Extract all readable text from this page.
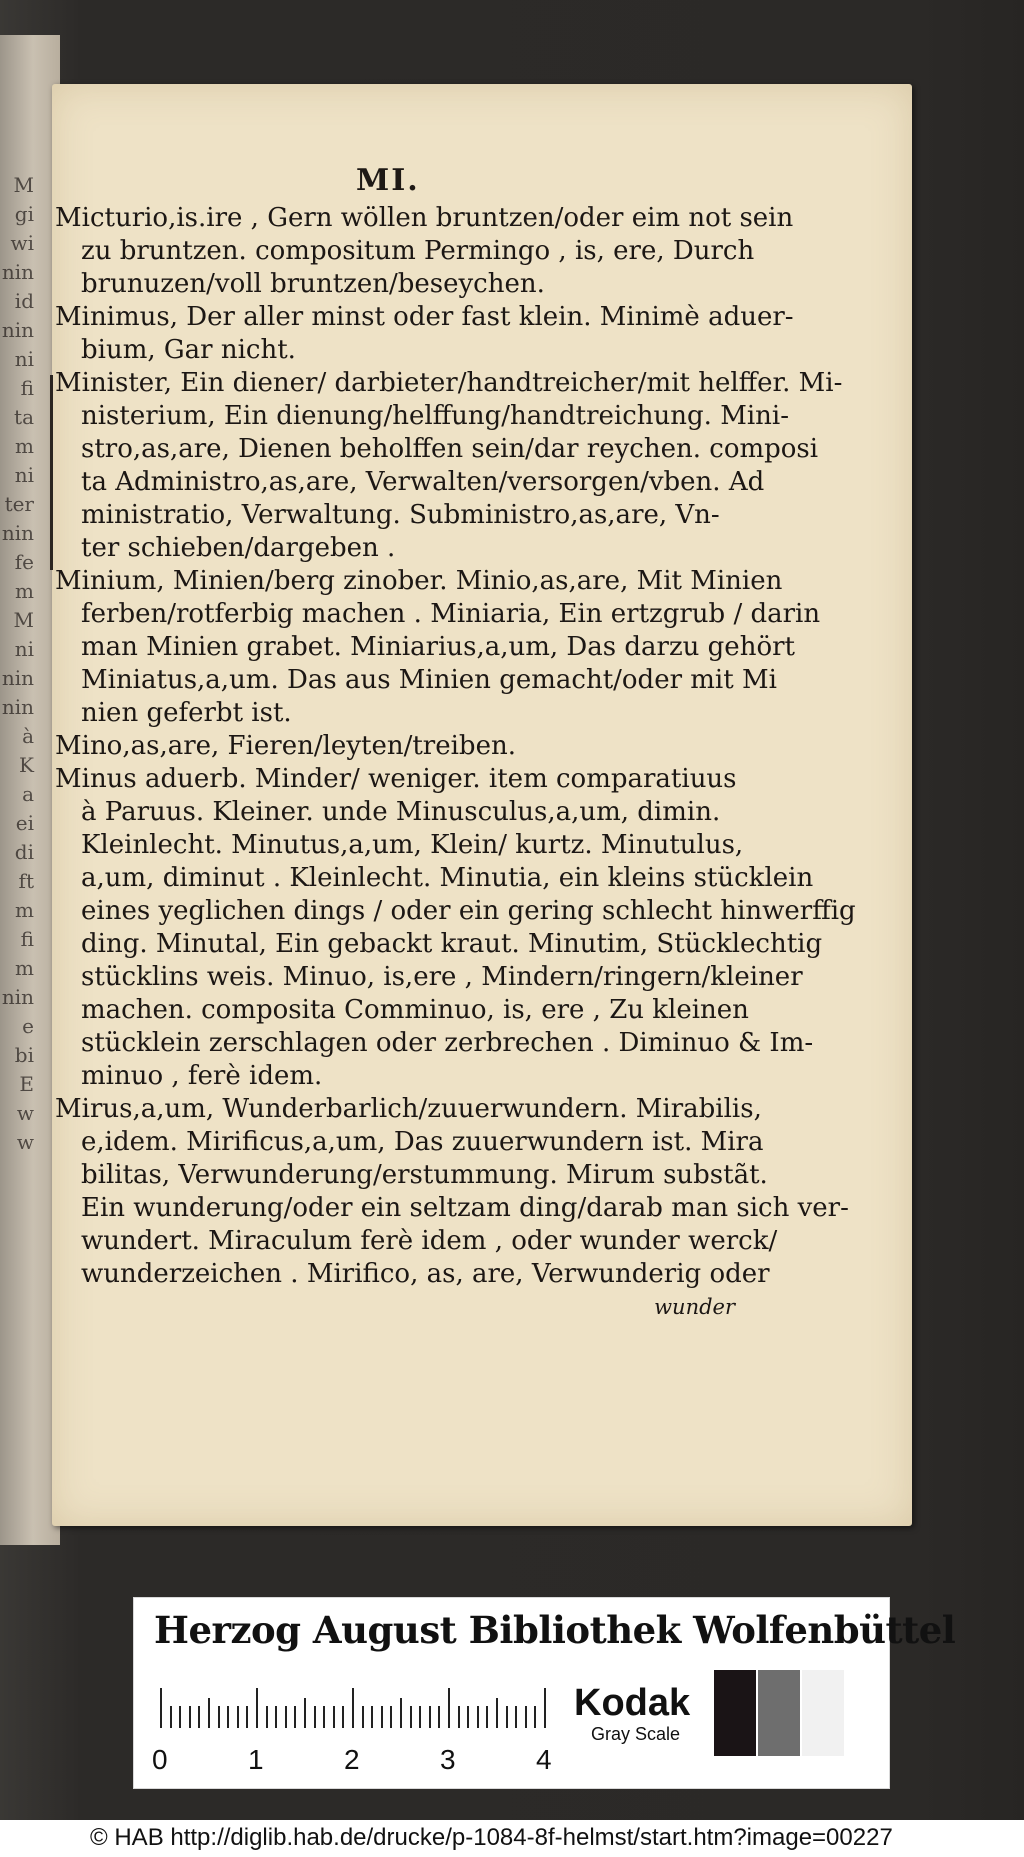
M
gi
wi
nin
id
nin
ni
fi
ta
m
ni
ter
nin
fe
m
M
ni
nin
nin
à
K
a
ei
di
ft
m
fi
m
nin
e
bi
E
w
w
MI.
Micturio,is.ire , Gern wöllen bruntzen/oder eim not sein
zu bruntzen. compositum Permingo , is, ere, Durch
brunuzen/voll bruntzen/beseychen.
Minimus, Der aller minst oder fast klein. Minimè aduer-
bium, Gar nicht.
Minister, Ein diener/ darbieter/handtreicher/mit helffer. Mi-
nisterium, Ein dienung/helffung/handtreichung. Mini-
stro,as,are, Dienen beholffen sein/dar reychen. composi
ta Administro,as,are, Verwalten/versorgen/vben. Ad
ministratio, Verwaltung. Subministro,as,are, Vn-
ter schieben/dargeben .
Minium, Minien/berg zinober. Minio,as,are, Mit Minien
ferben/rotferbig machen . Miniaria, Ein ertzgrub / darin
man Minien grabet. Miniarius,a,um, Das darzu gehört
Miniatus,a,um. Das aus Minien gemacht/oder mit Mi
nien geferbt ist.
Mino,as,are, Fieren/leyten/treiben.
Minus aduerb. Minder/ weniger. item comparatiuus
à Paruus. Kleiner. unde Minusculus,a,um, dimin.
Kleinlecht. Minutus,a,um, Klein/ kurtz. Minutulus,
a,um, diminut . Kleinlecht. Minutia, ein kleins stücklein
eines yeglichen dings / oder ein gering schlecht hinwerffig
ding. Minutal, Ein gebackt kraut. Minutim, Stücklechtig
stücklins weis. Minuo, is,ere , Mindern/ringern/kleiner
machen. composita Comminuo, is, ere , Zu kleinen
stücklein zerschlagen oder zerbrechen . Diminuo & Im-
minuo , ferè idem.
Mirus,a,um, Wunderbarlich/zuuerwundern. Mirabilis,
e,idem. Mirificus,a,um, Das zuuerwundern ist. Mira
bilitas, Verwunderung/erstummung. Mirum substãt.
Ein wunderung/oder ein seltzam ding/darab man sich ver-
wundert. Miraculum ferè idem , oder wunder werck/
wunderzeichen . Mirifico, as, are, Verwunderig oder
wunder
Herzog August Bibliothek Wolfenbüttel
0	1	2	3	4
Kodak
Gray Scale
© HAB http://diglib.hab.de/drucke/p-1084-8f-helmst/start.htm?image=00227
